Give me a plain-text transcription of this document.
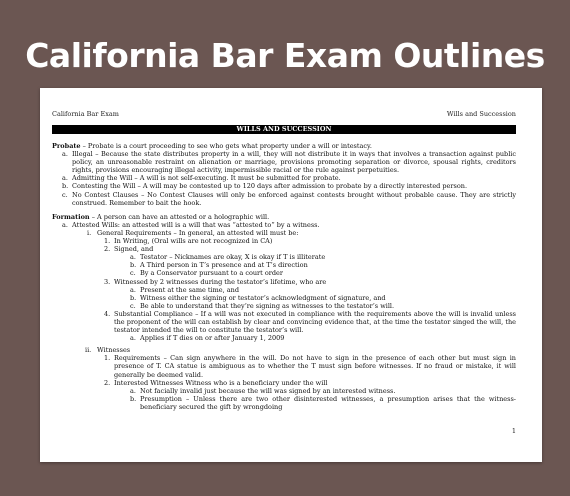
California Bar Exam Outlines
California Bar Exam	Wills and Succession
WILLS AND SUCCESSION
Probate – Probate is a court proceeding to see who gets what property under a will or intestacy.
a. Illegal – Because the state distributes property in a will, they will not distribute it in ways that involves a transaction against public policy, an unreasonable restraint on alienation or marriage, provisions promoting separation or divorce, spousal rights, creditors rights, provisions encouraging illegal activity, impermissible racial or the rule against perpetuities.
a. Admitting the Will – A will is not self-executing. It must be submitted for probate.
b. Contesting the Will – A will may be contested up to 120 days after admission to probate by a directly interested person.
c. No Contest Clauses – No Contest Clauses will only be enforced against contests brought without probable cause. They are strictly construed. Remember to bait the hook.
Formation – A person can have an attested or a holographic will.
a. Attested Wills: an attested will is a will that was “attested to” by a witness.
i. General Requirements – In general, an attested will must be:
1. In Writing, (Oral wills are not recognized in CA)
2. Signed, and
a. Testator – Nicknames are okay, X is okay if T is illiterate
b. A Third person in T’s presence and at T’s direction
c. By a Conservator pursuant to a court order
3. Witnessed by 2 witnesses during the testator’s lifetime, who are
a. Present at the same time, and
b. Witness either the signing or testator’s acknowledgment of signature, and
c. Be able to understand that they’re signing as witnesses to the testator’s will.
4. Substantial Compliance – If a will was not executed in compliance with the requirements above the will is invalid unless the proponent of the will can establish by clear and convincing evidence that, at the time the testator singed the will, the testator intended the will to constitute the testator’s will.
a. Applies if T dies on or after January 1, 2009
ii. Witnesses
1. Requirements – Can sign anywhere in the will. Do not have to sign in the presence of each other but must sign in presence of T. CA statue is ambiguous as to whether the T must sign before witnesses. If no fraud or mistake, it will generally be deemed valid.
2. Interested Witnesses Witness who is a beneficiary under the will
a. Not facially invalid just because the will was signed by an interested witness.
b. Presumption – Unless there are two other disinterested witnesses, a presumption arises that the witness-beneficiary secured the gift by wrongdoing
1
